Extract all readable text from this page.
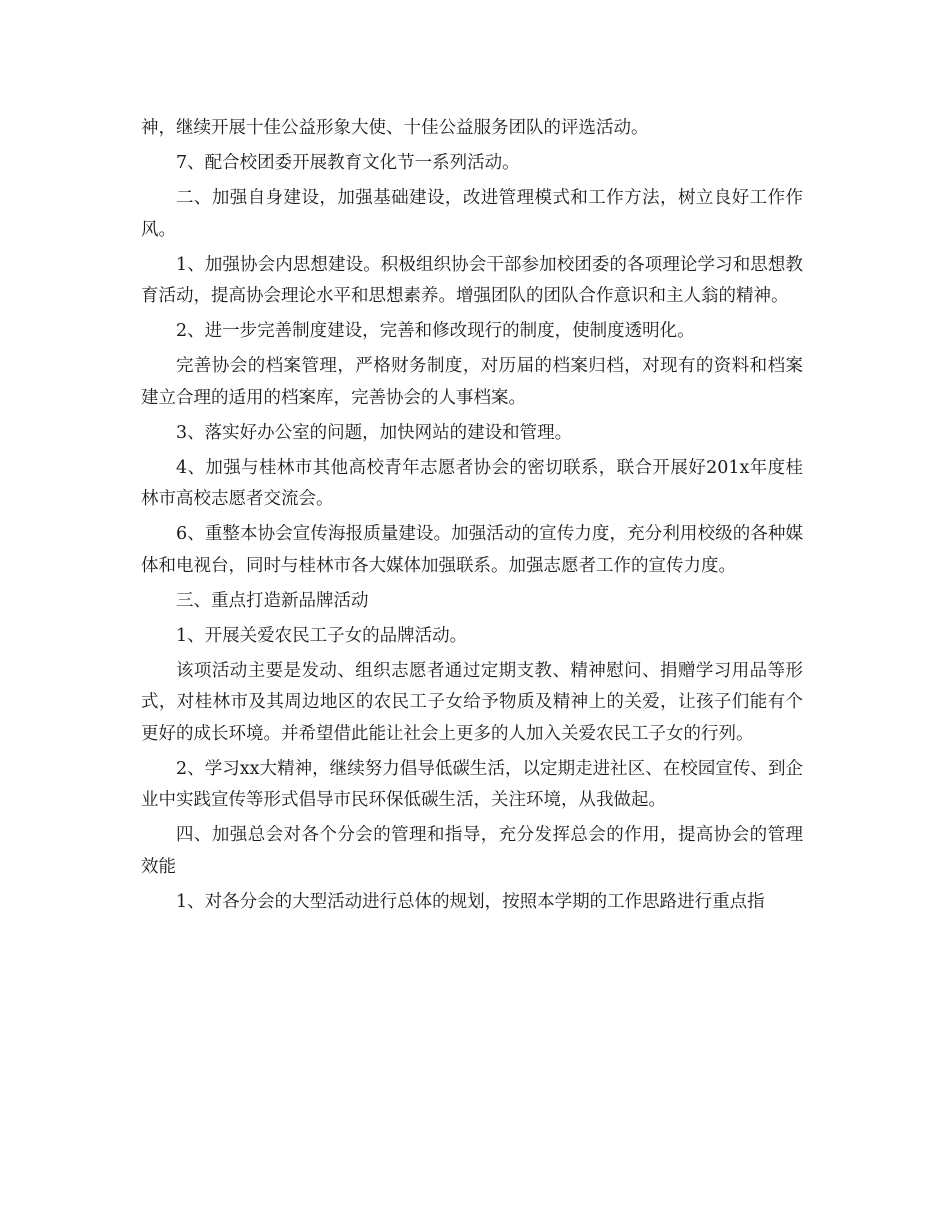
神，继续开展十佳公益形象大使、十佳公益服务团队的评选活动。

7、配合校团委开展教育文化节一系列活动。

二、加强自身建设，加强基础建设，改进管理模式和工作方法，树立良好工作作风。

1、加强协会内思想建设。积极组织协会干部参加校团委的各项理论学习和思想教育活动，提高协会理论水平和思想素养。增强团队的团队合作意识和主人翁的精神。

2、进一步完善制度建设，完善和修改现行的制度，使制度透明化。

完善协会的档案管理，严格财务制度，对历届的档案归档，对现有的资料和档案建立合理的适用的档案库，完善协会的人事档案。

3、落实好办公室的问题，加快网站的建设和管理。

4、加强与桂林市其他高校青年志愿者协会的密切联系，联合开展好201x年度桂林市高校志愿者交流会。

6、重整本协会宣传海报质量建设。加强活动的宣传力度，充分利用校级的各种媒体和电视台，同时与桂林市各大媒体加强联系。加强志愿者工作的宣传力度。

三、重点打造新品牌活动

1、开展关爱农民工子女的品牌活动。

该项活动主要是发动、组织志愿者通过定期支教、精神慰问、捐赠学习用品等形式，对桂林市及其周边地区的农民工子女给予物质及精神上的关爱，让孩子们能有个更好的成长环境。并希望借此能让社会上更多的人加入关爱农民工子女的行列。

2、学习xx大精神，继续努力倡导低碳生活，以定期走进社区、在校园宣传、到企业中实践宣传等形式倡导市民环保低碳生活，关注环境，从我做起。

四、加强总会对各个分会的管理和指导，充分发挥总会的作用，提高协会的管理效能

1、对各分会的大型活动进行总体的规划，按照本学期的工作思路进行重点指
